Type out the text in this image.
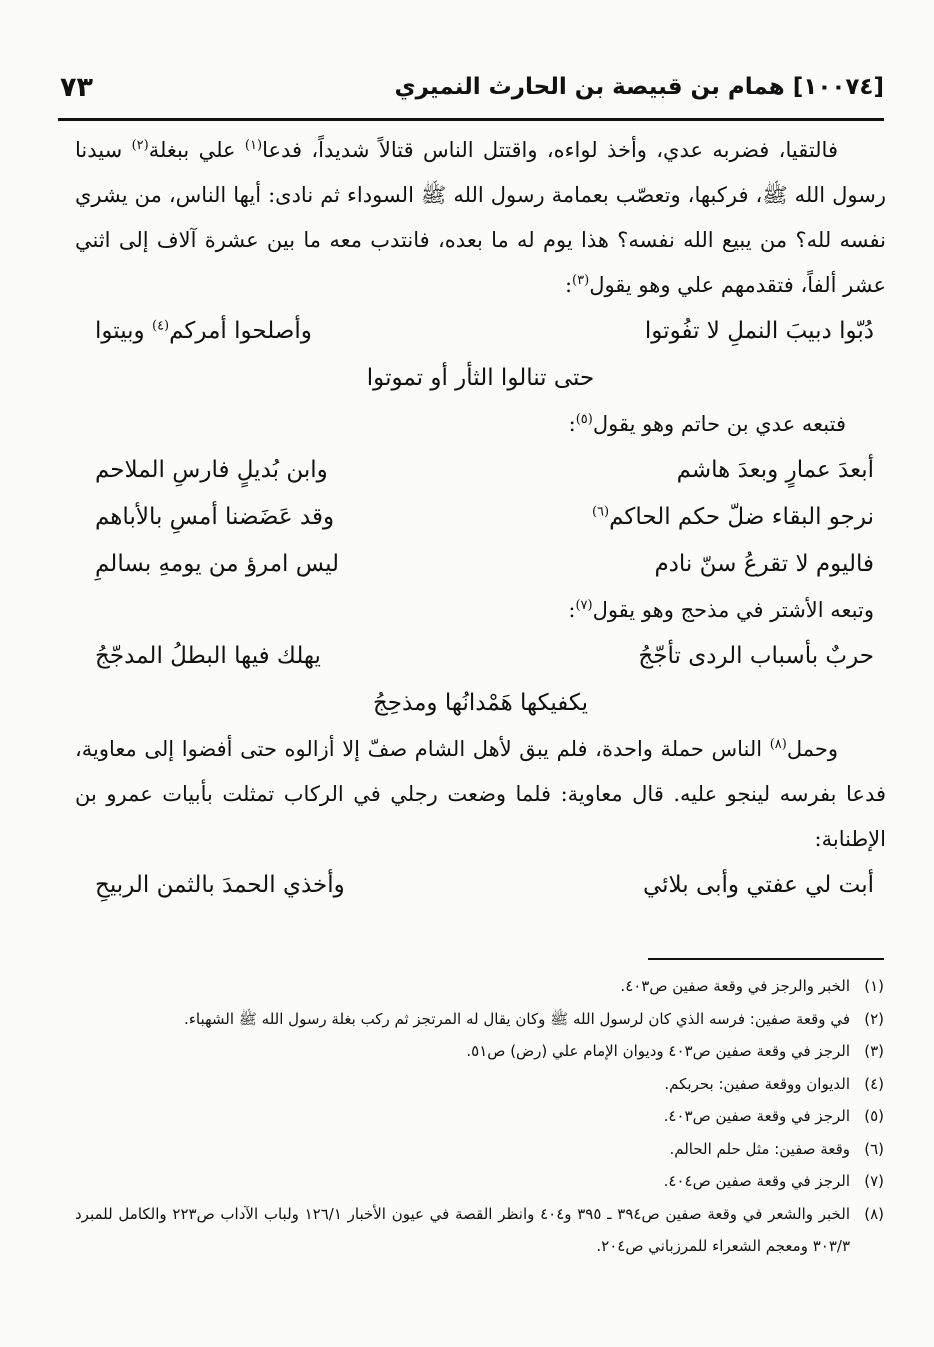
[١٠٠٧٤] همام بن قبيصة بن الحارث النميري
٧٣

فالتقيا، فضربه عدي، وأخذ لواءه، واقتتل الناس قتالاً شديداً، فدعا$^{(١)}$ علي ببغلة$^{(٢)}$ سيدنا رسول الله ﷺ، فركبها، وتعصّب بعمامة رسول الله ﷺ السوداء ثم نادى: أيها الناس، من يشري نفسه لله؟ من يبيع الله نفسه؟ هذا يوم له ما بعده، فانتدب معه ما بين عشرة آلاف إلى اثني عشر ألفاً، فتقدمهم علي وهو يقول$^{(٣)}$:

دُبّوا دبيبَ النملِ لا تفُوتوا
وأصلحوا أمركم$^{(٤)}$ وبيتوا
حتى تنالوا الثأر أو تموتوا
فتبعه عدي بن حاتم وهو يقول$^{(٥)}$:
أبعدَ عمارٍ وبعدَ هاشم
وابن بُديلٍ فارسِ الملاحم
نرجو البقاء ضلّ حكم الحاكم$^{(٦)}$
وقد عَضَضنا أمسِ بالأباهم
فاليوم لا تقرعُ سنّ نادم
ليس امرؤ من يومهِ بسالمِ
وتبعه الأشتر في مذحج وهو يقول$^{(٧)}$:
حربٌ بأسباب الردى تأجّجُ
يهلك فيها البطلُ المدجّجُ
يكفيكها هَمْدانُها ومذحِجُ

وحمل$^{(٨)}$ الناس حملة واحدة، فلم يبق لأهل الشام صفّ إلا أزالوه حتى أفضوا إلى معاوية، فدعا بفرسه لينجو عليه. قال معاوية: فلما وضعت رجلي في الركاب تمثلت بأبيات عمرو بن الإطنابة:

أبت لي عفتي وأبى بلائي
وأخذي الحمدَ بالثمن الربيحِ
(١)
الخبر والرجز في وقعة صفين ص٤٠٣.
(٢)
في وقعة صفين: فرسه الذي كان لرسول الله ﷺ وكان يقال له المرتجز ثم ركب بغلة رسول الله ﷺ الشهباء.
(٣)
الرجز في وقعة صفين ص٤٠٣ وديوان الإمام علي (رض) ص٥١.
(٤)
الديوان ووقعة صفين: بحربكم.
(٥)
الرجز في وقعة صفين ص٤٠٣.
(٦)
وقعة صفين: مثل حلم الحالم.
(٧)
الرجز في وقعة صفين ص٤٠٤.
(٨)
الخبر والشعر في وقعة صفين ص٣٩٤ ـ ٣٩٥ و٤٠٤ وانظر القصة في عيون الأخبار ١٢٦/١ ولباب الآداب ص٢٢٣ والكامل للمبرد ٣٠٣/٣ ومعجم الشعراء للمرزباني ص٢٠٤.
